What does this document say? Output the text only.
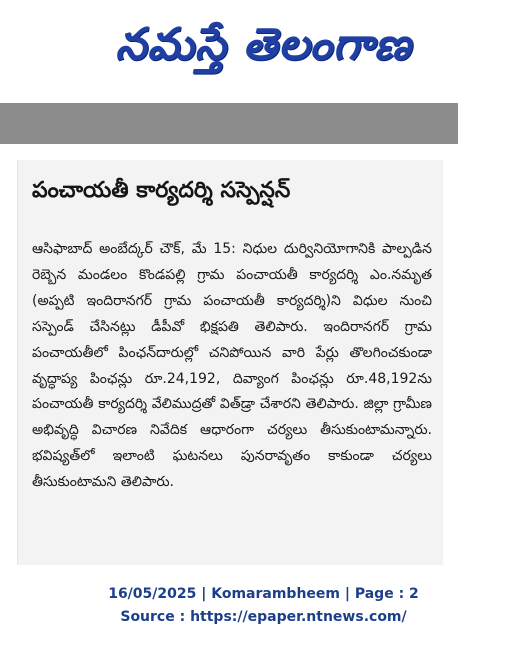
నమస్తే తెలంగాణ
పంచాయతీ కార్యదర్శి సస్పెన్షన్
ఆసిఫాబాద్ అంబేద్కర్ చౌక్, మే 15: నిధుల దుర్వినియోగానికి పాల్పడిన రెబ్బెన మండలం కొండపల్లి గ్రామ పంచాయతీ కార్యదర్శి ఎం.నమృత (అప్పటి ఇందిరానగర్ గ్రామ పంచాయతీ కార్యదర్శి)ని విధుల నుంచి సస్పెండ్ చేసినట్లు డీపీవో భిక్షపతి తెలిపారు. ఇందిరానగర్ గ్రామ పంచాయతీలో పింఛన్‌దారుల్లో చనిపోయిన వారి పేర్లు తొలగించకుండా వృద్ధాప్య పింఛన్లు రూ.24,192, దివ్యాంగ పింఛన్లు రూ.48,192ను పంచాయతీ కార్యదర్శి వేలిముద్రతో విత్‌డ్రా చేశారని తెలిపారు. జిల్లా గ్రామీణ అభివృద్ధి విచారణ నివేదిక ఆధారంగా చర్యలు తీసుకుంటామన్నారు. భవిష్యత్‌లో ఇలాంటి ఘటనలు పునరావృతం కాకుండా చర్యలు తీసుకుంటామని తెలిపారు.
16/05/2025 | Komarambheem | Page : 2
Source : https://epaper.ntnews.com/
